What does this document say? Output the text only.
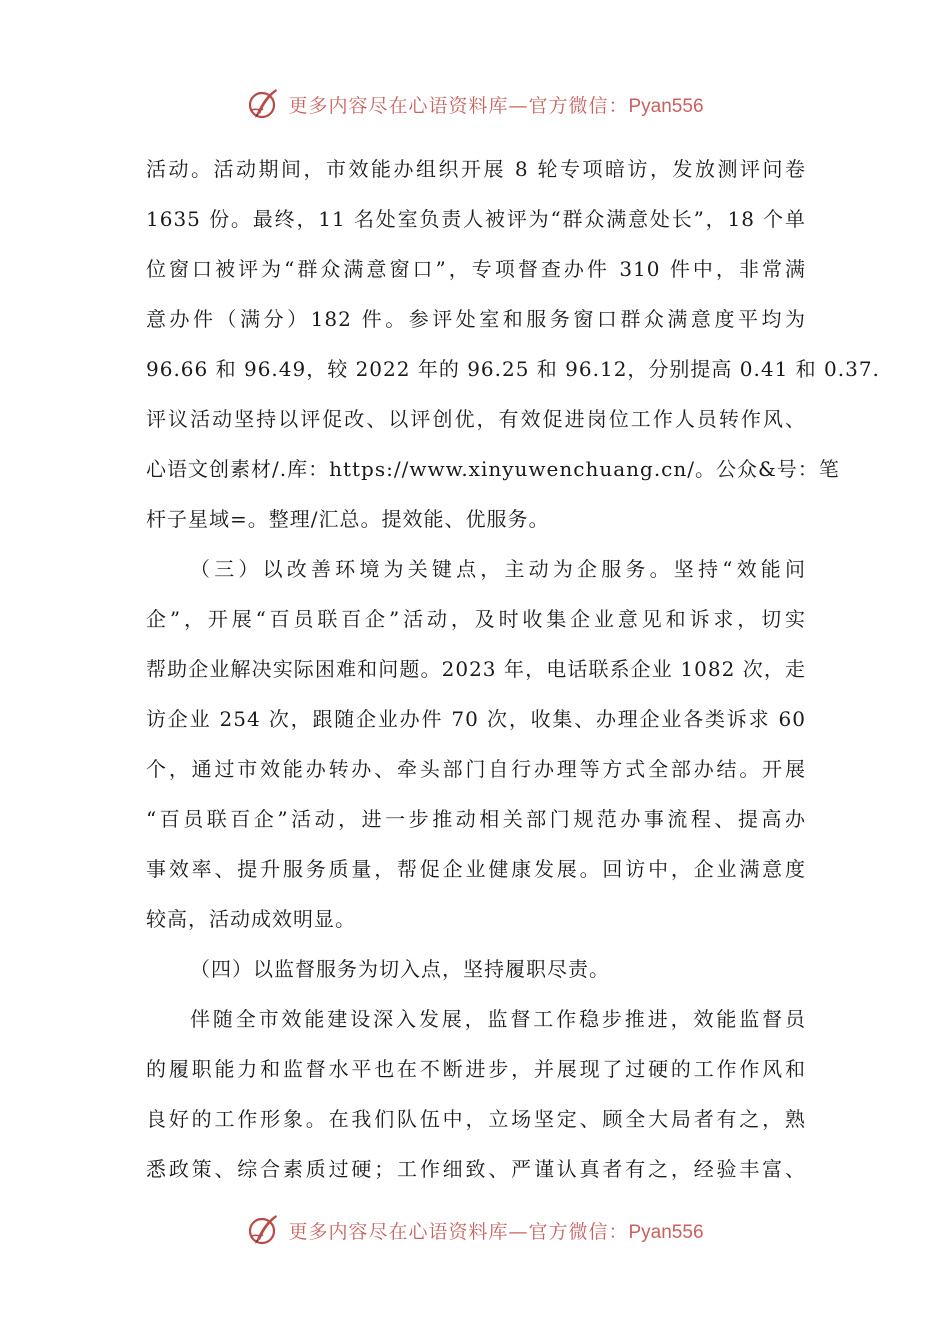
更多内容尽在心语资料库—官方微信：Pyan556
活动。活动期间，市效能办组织开展 8 轮专项暗访，发放测评问卷
1635 份。最终，11 名处室负责人被评为“群众满意处长”，18 个单
位窗口被评为“群众满意窗口”，专项督查办件 310 件中，非常满
意办件（满分）182 件。参评处室和服务窗口群众满意度平均为
96.66 和 96.49，较 2022 年的 96.25 和 96.12，分别提高 0.41 和 0.37.
评议活动坚持以评促改、以评创优，有效促进岗位工作人员转作风、
心语文创素材/.库：https://www.xinyuwenchuang.cn/。公众&号：笔
杆子星域=。整理/汇总。提效能、优服务。
（三）以改善环境为关键点，主动为企服务。坚持“效能问
企”，开展“百员联百企”活动，及时收集企业意见和诉求，切实
帮助企业解决实际困难和问题。2023 年，电话联系企业 1082 次，走
访企业 254 次，跟随企业办件 70 次，收集、办理企业各类诉求 60
个，通过市效能办转办、牵头部门自行办理等方式全部办结。开展
“百员联百企”活动，进一步推动相关部门规范办事流程、提高办
事效率、提升服务质量，帮促企业健康发展。回访中，企业满意度
较高，活动成效明显。
（四）以监督服务为切入点，坚持履职尽责。
伴随全市效能建设深入发展，监督工作稳步推进，效能监督员
的履职能力和监督水平也在不断进步，并展现了过硬的工作作风和
良好的工作形象。在我们队伍中，立场坚定、顾全大局者有之，熟
悉政策、综合素质过硬；工作细致、严谨认真者有之，经验丰富、
更多内容尽在心语资料库—官方微信：Pyan556
